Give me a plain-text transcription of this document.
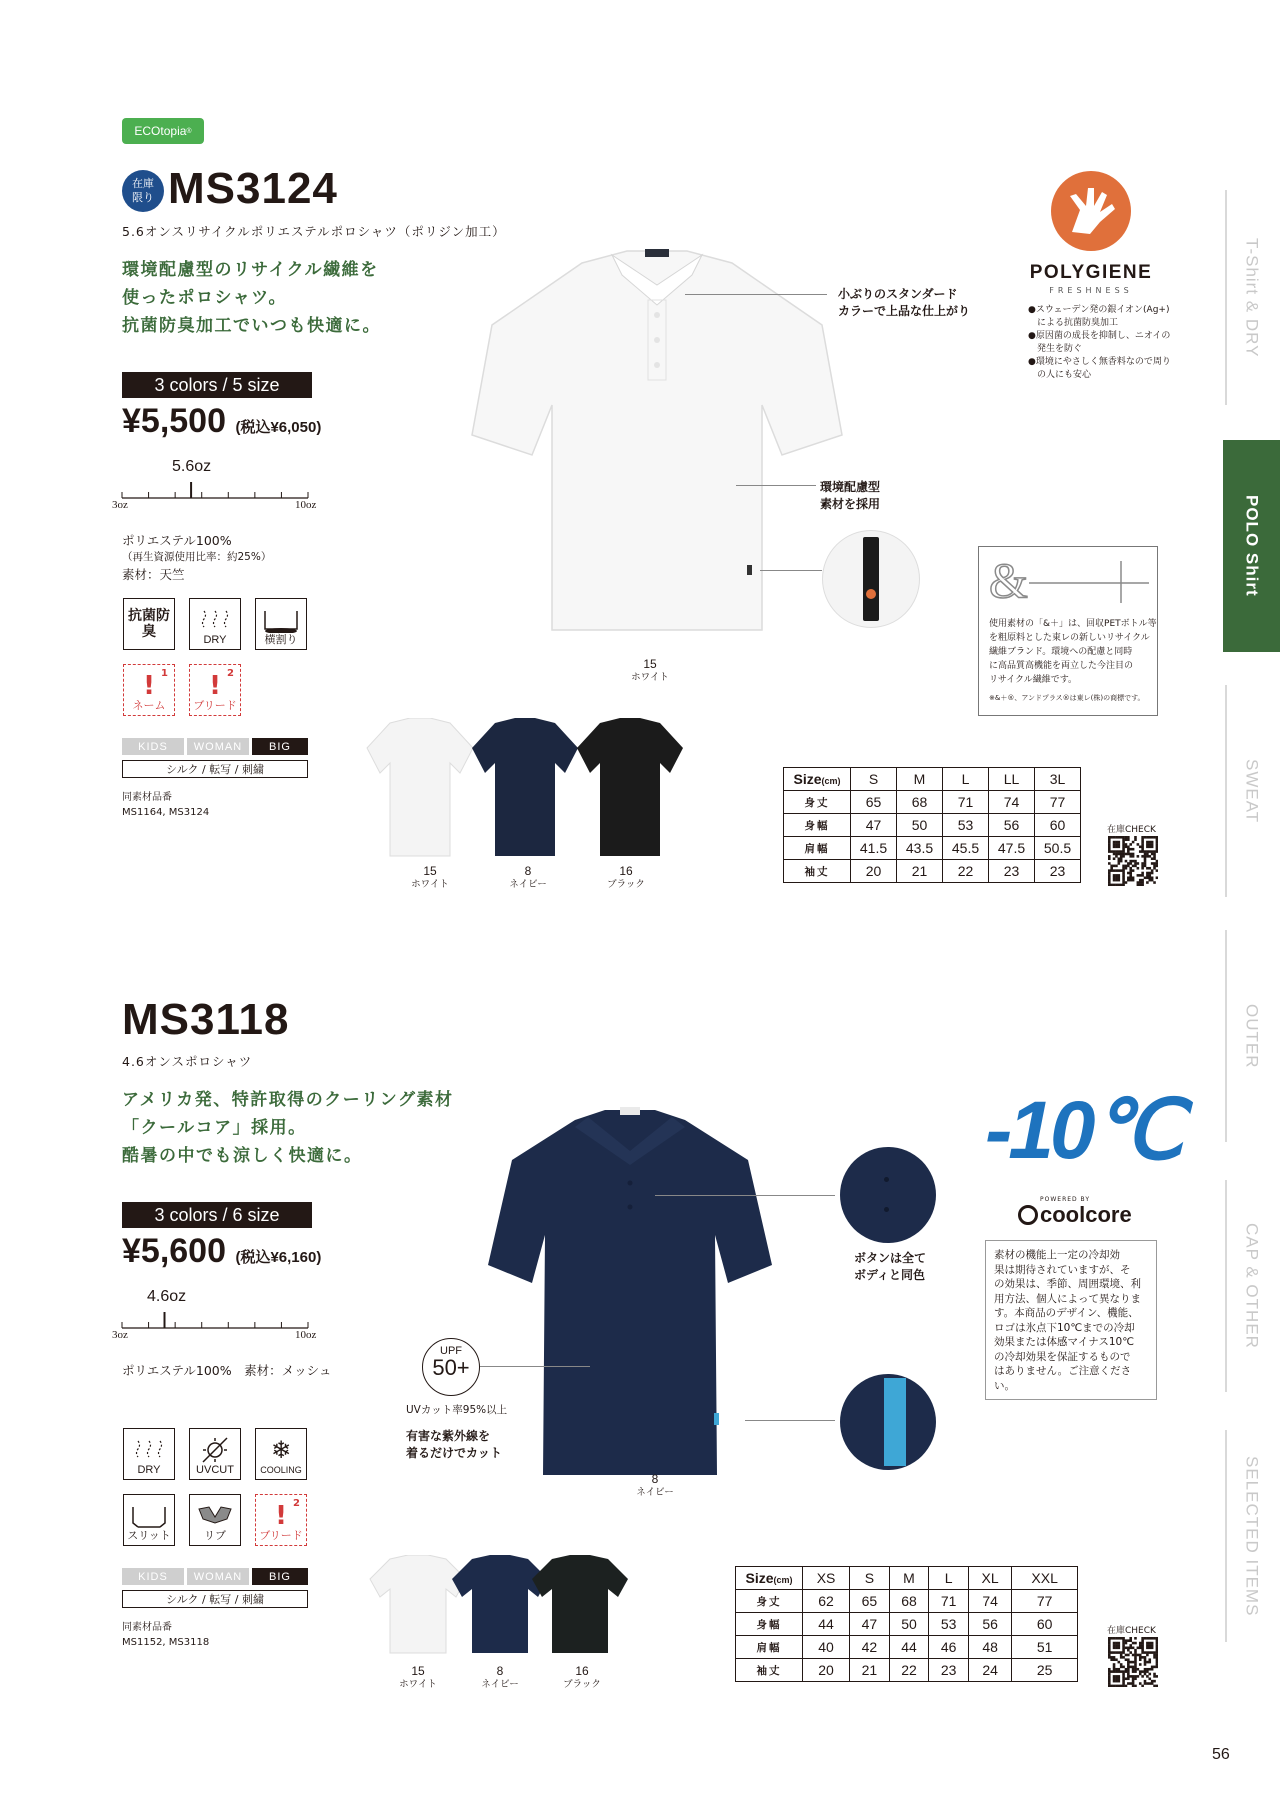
T-Shirt & DRY
POLO Shirt
SWEAT
OUTER
CAP & OTHER
SELECTED ITEMS
ECOtopia ®
在庫
限り MS3124
5.6オンスリサイクルポリエステルポロシャツ（ポリジン加工）
環境配慮型のリサイクル繊維を
使ったポロシャツ。
抗菌防臭加工でいつも快適に。
3 colors / 5 size
¥5,500 (税込¥6,050)
5.6oz
3oz	10oz
ポリエステル100%
（再生資源使用比率：約25%）
素材：天竺
抗菌防臭	DRY	横割り
1
!
ネーム
2
!
ブリード
KIDS	WOMAN	BIG
シルク / 転写 / 刺繍
同素材品番
MS1164, MS3124
小ぶりのスタンダード
カラーで上品な仕上がり
環境配慮型
素材を採用
15
ホワイト
POLYGIENE
FRESHNESS
●スウェーデン発の銀イオン(Ag+)
　による抗菌防臭加工
●原因菌の成長を抑制し、ニオイの
　発生を防ぐ
●環境にやさしく無香料なので周り
　の人にも安心
&
使用素材の「&＋」は、回収PETボトル等
を粗原料とした東レの新しいリサイクル
繊維ブランド。環境への配慮と同時
に高品質高機能を両立した今注目の
リサイクル繊維です。
※&＋®、アンドプラス®は東レ(株)の商標です。
15
ホワイト
8
ネイビー
16
ブラック
Size(cm)	S	M	L	LL	3L
身丈	65	68	71	74	77
身幅	47	50	53	56	60
肩幅	41.5	43.5	45.5	47.5	50.5
袖丈	20	21	22	23	23
在庫CHECK
MS3118
4.6オンスポロシャツ
アメリカ発、特許取得のクーリング素材
「クールコア」採用。
酷暑の中でも涼しく快適に。
3 colors / 6 size
¥5,600 (税込¥6,160)
4.6oz
3oz	10oz
ポリエステル100%　素材：メッシュ
DRY	UVCUT
❄
COOLING
スリット	リブ
2
!
ブリード
KIDS	WOMAN	BIG
シルク / 転写 / 刺繍
同素材品番
MS1152, MS3118
ボタンは全て
ボディと同色
UPF
50+
UVカット率95%以上
有害な紫外線を
着るだけでカット
8
ネイビー
-10℃
POWERED BY
coolcore
素材の機能上一定の冷却効
果は期待されていますが、そ
の効果は、季節、周囲環境、利
用方法、個人によって異なりま
す。本商品のデザイン、機能、
ロゴは氷点下10℃までの冷却
効果または体感マイナス10℃
の冷却効果を保証するもので
はありません。ご注意ください。
15
ホワイト
8
ネイビー
16
ブラック
Size(cm)	XS	S	M	L	XL	XXL
身丈	62	65	68	71	74	77
身幅	44	47	50	53	56	60
肩幅	40	42	44	46	48	51
袖丈	20	21	22	23	24	25
在庫CHECK
56
